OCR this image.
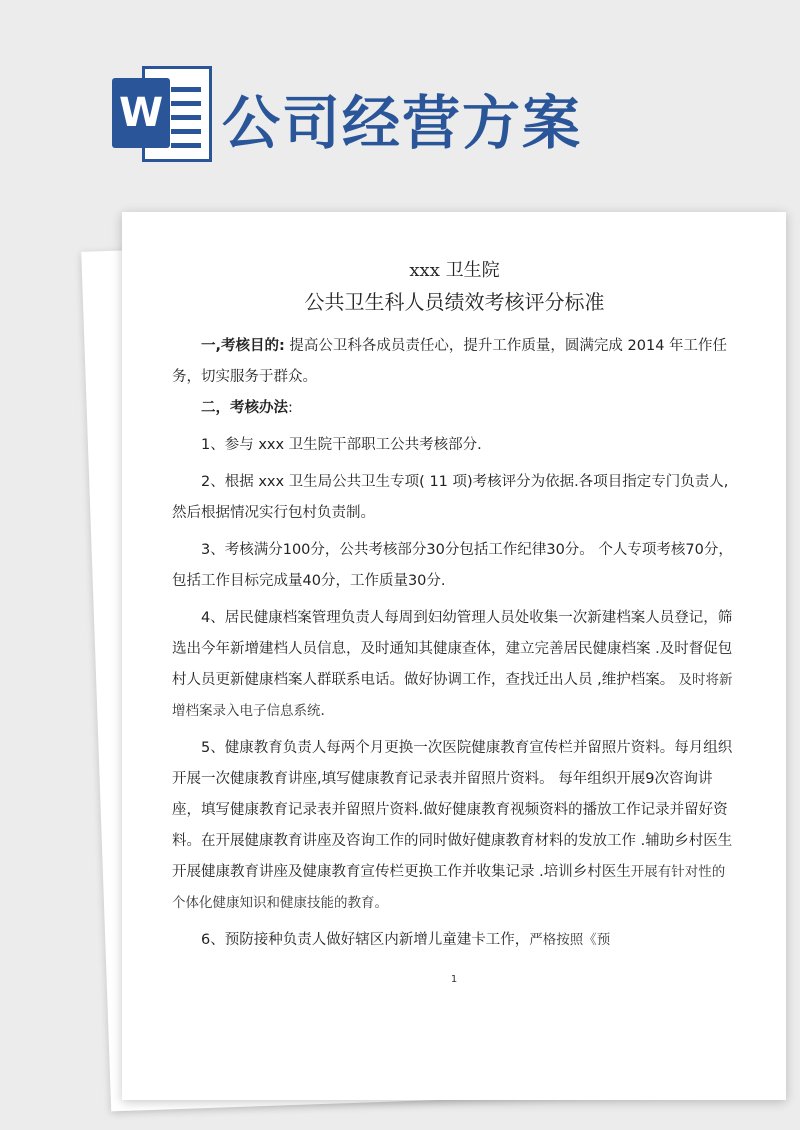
W 公司经营方案
xxx 卫生院
公共卫生科人员绩效考核评分标准

一,考核目的: 提高公卫科各成员责任心，提升工作质量，圆满完成 2014 年工作任务，切实服务于群众。

二，考核办法:

1、参与 xxx 卫生院干部职工公共考核部分.

2、根据 xxx 卫生局公共卫生专项( 11 项)考核评分为依据.各项目指定专门负责人,然后根据情况实行包村负责制。

3、考核满分100分，公共考核部分30分包括工作纪律30分。 个人专项考核70分，包括工作目标完成量40分，工作质量30分.

4、居民健康档案管理负责人每周到妇幼管理人员处收集一次新建档案人员登记，筛选出今年新增建档人员信息，及时通知其健康查体，建立完善居民健康档案 .及时督促包村人员更新健康档案人群联系电话。做好协调工作，查找迁出人员 ,维护档案。 及时将新增档案录入电子信息系统.

5、健康教育负责人每两个月更换一次医院健康教育宣传栏并留照片资料。每月组织开展一次健康教育讲座,填写健康教育记录表并留照片资料。 每年组织开展9次咨询讲座，填写健康教育记录表并留照片资料.做好健康教育视频资料的播放工作记录并留好资料。在开展健康教育讲座及咨询工作的同时做好健康教育材料的发放工作 .辅助乡村医生开展健康教育讲座及健康教育宣传栏更换工作并收集记录 .培训乡村医生开展有针对性的个体化健康知识和健康技能的教育。

6、预防接种负责人做好辖区内新增儿童建卡工作，严格按照《预

1
